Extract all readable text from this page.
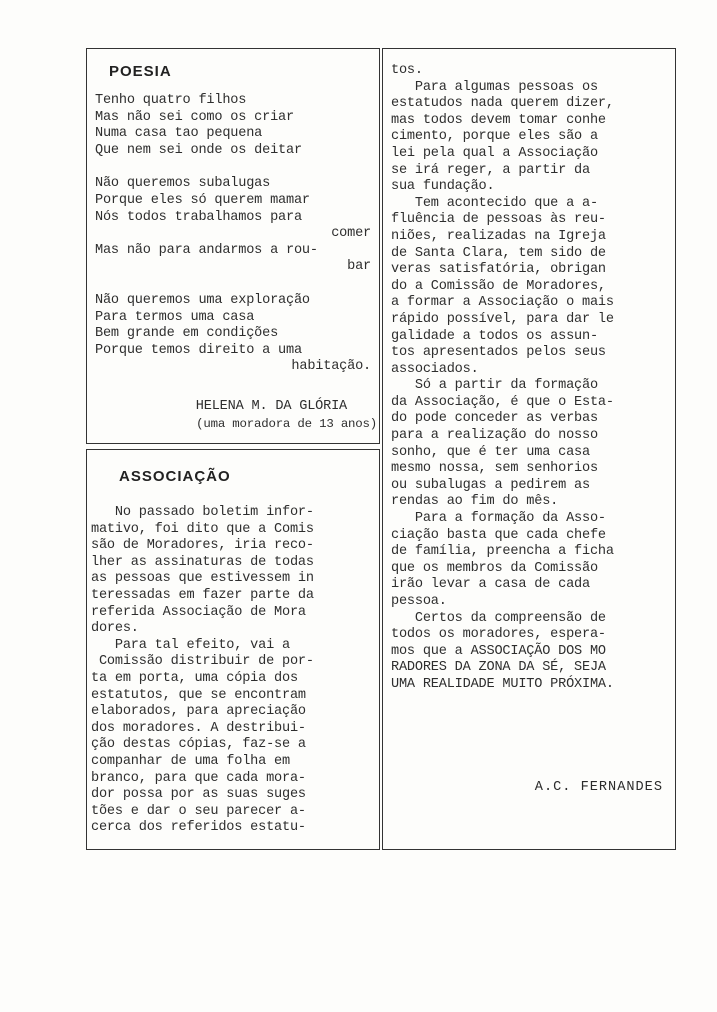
POESIA
Tenho quatro filhos
Mas não sei como os criar
Numa casa tao pequena
Que nem sei onde os deitar
Não queremos subalugas
Porque eles só querem mamar
Nós todos trabalhamos para
comer
Mas não para andarmos a rou-
bar
Não queremos uma exploração
Para termos uma casa
Bem grande em condições
Porque temos direito a uma
habitação.
HELENA M. DA GLÓRIA
(uma moradora de 13 anos)
ASSOCIAÇÃO
No passado boletim infor-
mativo, foi dito que a Comis
são de Moradores, iria reco-
lher as assinaturas de todas
as pessoas que estivessem in
teressadas em fazer parte da
referida Associação de Mora
dores.
Para tal efeito, vai a
Comissão distribuir de por-
ta em porta, uma cópia dos
estatutos, que se encontram
elaborados, para apreciação
dos moradores. A destribui-
ção destas cópias, faz-se a
companhar de uma folha em
branco, para que cada mora-
dor possa por as suas suges
tões e dar o seu parecer a-
cerca dos referidos estatu-
tos.
Para algumas pessoas os
estatudos nada querem dizer,
mas todos devem tomar conhe
cimento, porque eles são a
lei pela qual a Associação
se irá reger, a partir da
sua fundação.
Tem acontecido que a a-
fluência de pessoas às reu-
niões, realizadas na Igreja
de Santa Clara, tem sido de
veras satisfatória, obrigan
do a Comissão de Moradores,
a formar a Associação o mais
rápido possível, para dar le
galidade a todos os assun-
tos apresentados pelos seus
associados.
Só a partir da formação
da Associação, é que o Esta-
do pode conceder as verbas
para a realização do nosso
sonho, que é ter uma casa
mesmo nossa, sem senhorios
ou subalugas a pedirem as
rendas ao fim do mês.
Para a formação da Asso-
ciação basta que cada chefe
de família, preencha a ficha
que os membros da Comissão
irão levar a casa de cada
pessoa.
Certos da compreensão de
todos os moradores, espera-
mos que a ASSOCIAÇÃO DOS MO
RADORES DA ZONA DA SÉ, SEJA
UMA REALIDADE MUITO PRÓXIMA.
A.C. FERNANDES
